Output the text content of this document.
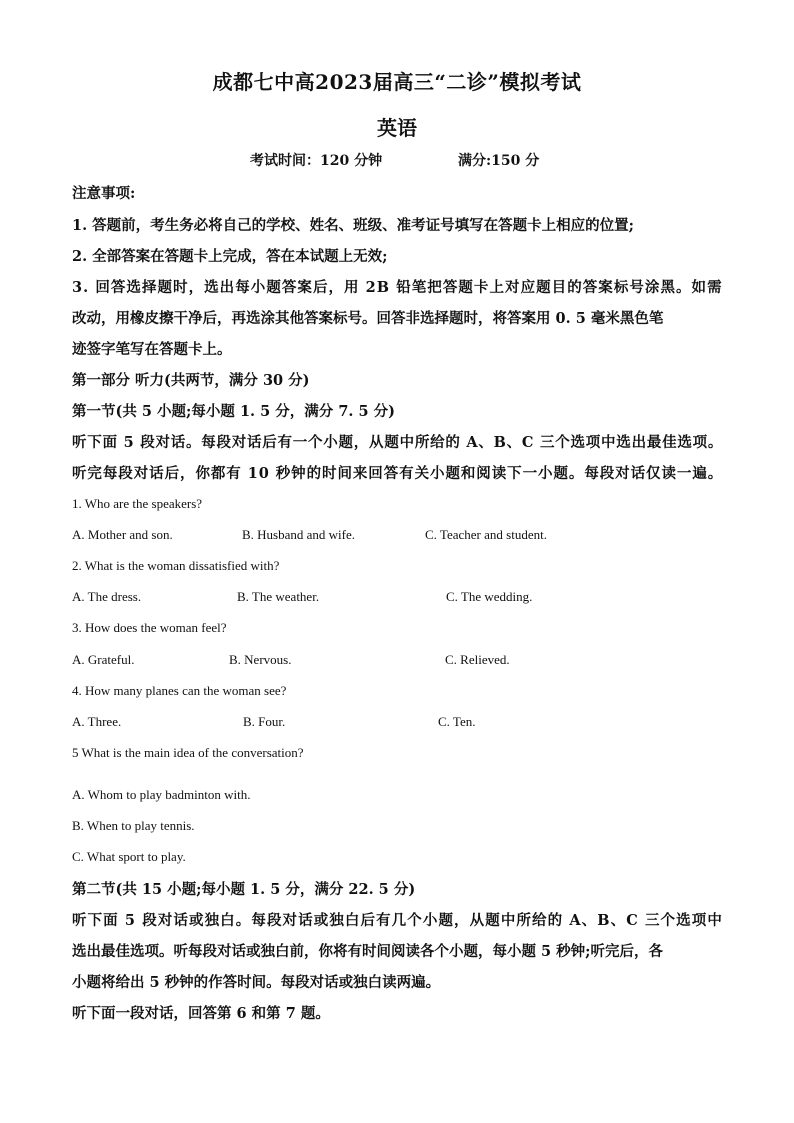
成都七中高2023届高三“二诊”模拟考试
英语
考试时间：120 分钟	满分:150 分
注意事项:
1. 答题前，考生务必将自己的学校、姓名、班级、准考证号填写在答题卡上相应的位置;
2. 全部答案在答题卡上完成，答在本试题上无效;
3. 回答选择题时，选出每小题答案后，用 2B 铅笔把答题卡上对应题目的答案标号涂黑。如需
改动，用橡皮擦干净后，再选涂其他答案标号。回答非选择题时，将答案用 0. 5 毫米黑色笔
迹签字笔写在答题卡上。
第一部分 听力(共两节，满分 30 分)
第一节(共 5 小题;每小题 1. 5 分，满分 7. 5 分)
听下面 5 段对话。每段对话后有一个小题，从题中所给的 A、B、C 三个选项中选出最佳选项。
听完每段对话后，你都有 10 秒钟的时间来回答有关小题和阅读下一小题。每段对话仅读一遍。
1. Who are the speakers?
A. Mother and son.	B. Husband and wife.	C. Teacher and student.
2. What is the woman dissatisfied with?
A. The dress.	B. The weather.	C. The wedding.
3. How does the woman feel?
A. Grateful.	B. Nervous.	C. Relieved.
4. How many planes can the woman see?
A. Three.	B. Four.	C. Ten.
5 What is the main idea of the conversation?
A. Whom to play badminton with.
B. When to play tennis.
C. What sport to play.
第二节(共 15 小题;每小题 1. 5 分，满分 22. 5 分)
听下面 5 段对话或独白。每段对话或独白后有几个小题，从题中所给的 A、B、C 三个选项中
选出最佳选项。听每段对话或独白前，你将有时间阅读各个小题，每小题 5 秒钟;听完后，各
小题将给出 5 秒钟的作答时间。每段对话或独白读两遍。
听下面一段对话，回答第 6 和第 7 题。
